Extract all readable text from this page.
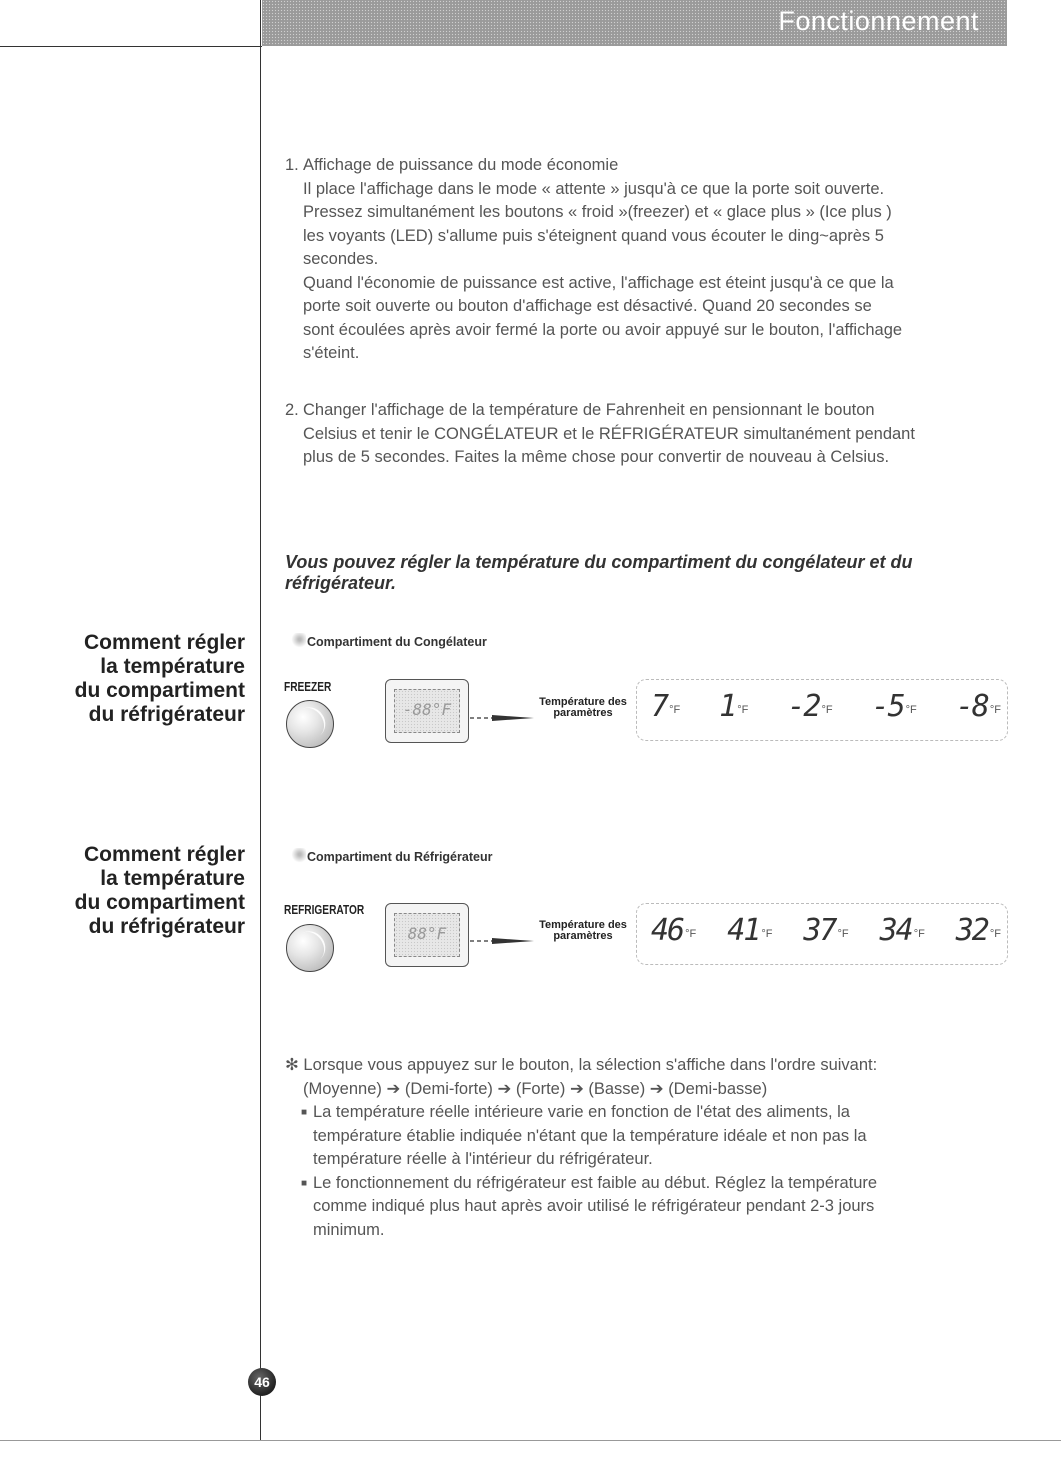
Fonctionnement
Comment régler
la température
du compartiment
du réfrigérateur
Comment régler
la température
du compartiment
du réfrigérateur
1. Affichage de puissance du mode économie
Il place l'affichage dans le mode « attente » jusqu'à ce que la porte soit ouverte.
Pressez simultanément les boutons « froid »(freezer) et « glace plus » (Ice plus )
les voyants (LED) s'allume puis s'éteignent quand vous écouter le ding~après 5
secondes.
Quand l'économie de puissance est active, l'affichage est éteint jusqu'à ce que la
porte soit ouverte ou bouton d'affichage est désactivé. Quand 20 secondes se
sont écoulées après avoir fermé la porte ou avoir appuyé sur le bouton, l'affichage
s'éteint.
2. Changer l'affichage de la température de Fahrenheit en pensionnant le bouton
Celsius et tenir le CONGÉLATEUR et le RÉFRIGÉRATEUR simultanément pendant
plus de 5 secondes. Faites la même chose pour convertir de nouveau à Celsius.
Vous pouvez régler la température du compartiment du congélateur et du
réfrigérateur.
Compartiment du Congélateur
FREEZER
-88°F	Température des
paramètres	7 °F 1 °F -2 °F -5 °F -8 °F
Compartiment du Réfrigérateur
REFRIGERATOR
88°F	Température des
paramètres	46 °F 41 °F 37 °F 34 °F 32 °F
✻ Lorsque vous appuyez sur le bouton, la sélection s'affiche dans l'ordre suivant:
(Moyenne) ➔ (Demi-forte) ➔ (Forte) ➔ (Basse) ➔ (Demi-basse)
■ La température réelle intérieure varie en fonction de l'état des aliments, la
température établie indiquée n'étant que la température idéale et non pas la
température réelle à l'intérieur du réfrigérateur.
■ Le fonctionnement du réfrigérateur est faible au début. Réglez la température
comme indiqué plus haut après avoir utilisé le réfrigérateur pendant 2-3 jours
minimum.
46
